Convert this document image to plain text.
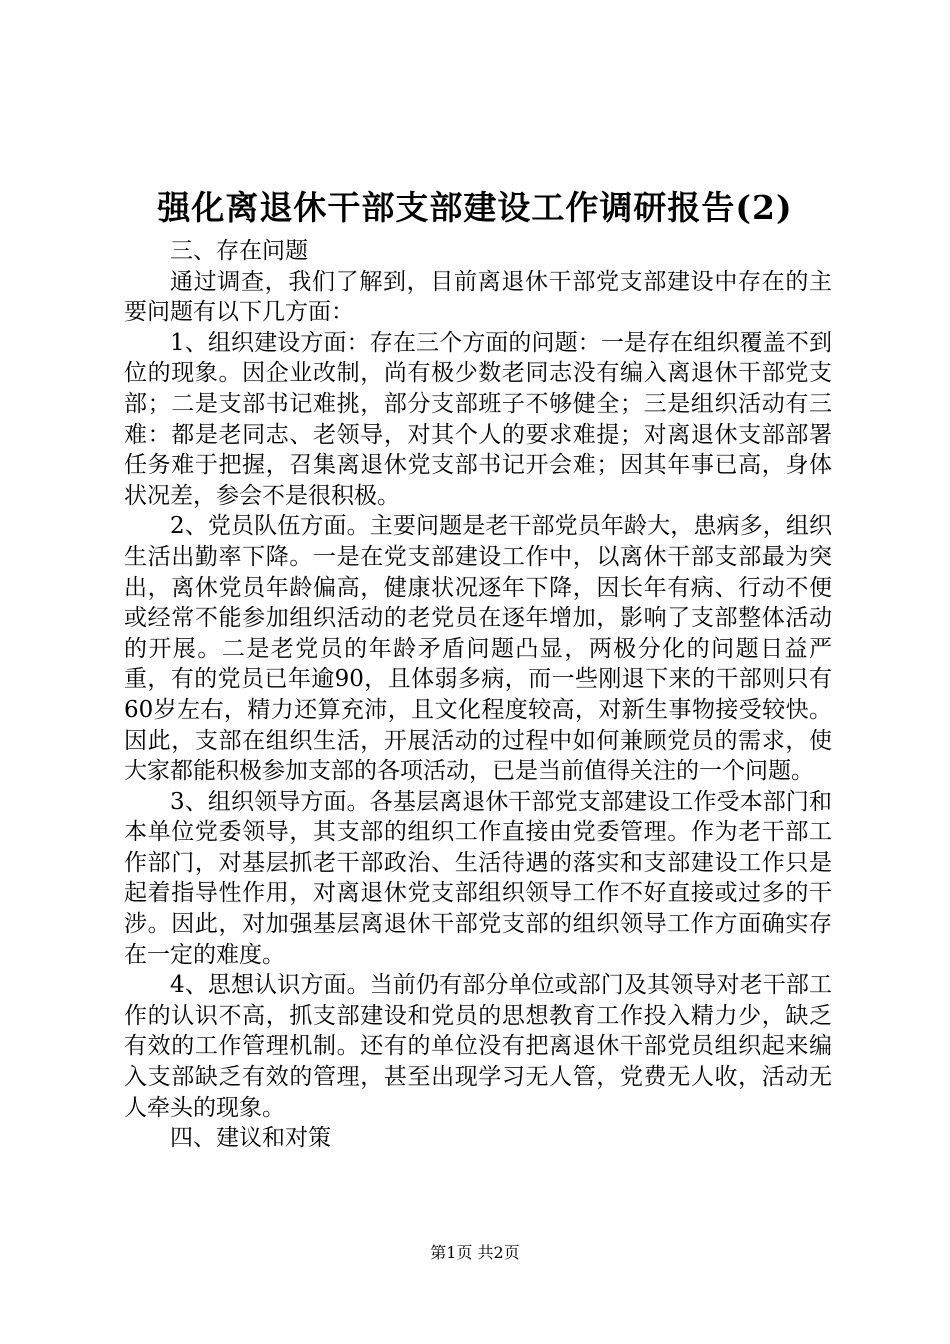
强化离退休干部支部建设工作调研报告(2)

三、存在问题

通过调查，我们了解到，目前离退休干部党支部建设中存在的主要问题有以下几方面：

1、组织建设方面：存在三个方面的问题：一是存在组织覆盖不到位的现象。因企业改制，尚有极少数老同志没有编入离退休干部党支部；二是支部书记难挑，部分支部班子不够健全；三是组织活动有三难：都是老同志、老领导，对其个人的要求难提；对离退休支部部署任务难于把握，召集离退休党支部书记开会难；因其年事已高，身体状况差，参会不是很积极。

2、党员队伍方面。主要问题是老干部党员年龄大，患病多，组织生活出勤率下降。一是在党支部建设工作中，以离休干部支部最为突出，离休党员年龄偏高，健康状况逐年下降，因长年有病、行动不便或经常不能参加组织活动的老党员在逐年增加，影响了支部整体活动的开展。二是老党员的年龄矛盾问题凸显，两极分化的问题日益严重，有的党员已年逾90，且体弱多病，而一些刚退下来的干部则只有60岁左右，精力还算充沛，且文化程度较高，对新生事物接受较快。因此，支部在组织生活，开展活动的过程中如何兼顾党员的需求，使大家都能积极参加支部的各项活动，已是当前值得关注的一个问题。

3、组织领导方面。各基层离退休干部党支部建设工作受本部门和本单位党委领导，其支部的组织工作直接由党委管理。作为老干部工作部门，对基层抓老干部政治、生活待遇的落实和支部建设工作只是起着指导性作用，对离退休党支部组织领导工作不好直接或过多的干涉。因此，对加强基层离退休干部党支部的组织领导工作方面确实存在一定的难度。

4、思想认识方面。当前仍有部分单位或部门及其领导对老干部工作的认识不高，抓支部建设和党员的思想教育工作投入精力少，缺乏有效的工作管理机制。还有的单位没有把离退休干部党员组织起来编入支部缺乏有效的管理，甚至出现学习无人管，党费无人收，活动无人牵头的现象。

四、建议和对策

第1页 共2页
